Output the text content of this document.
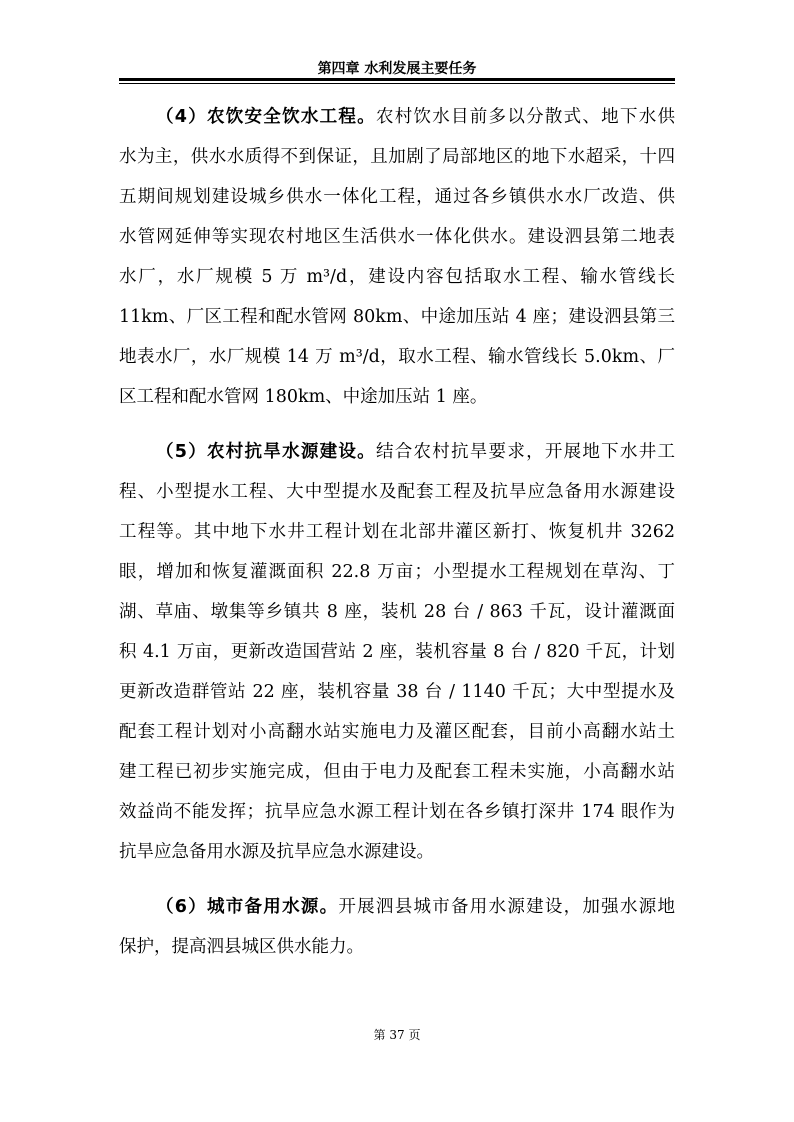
第四章 水利发展主要任务
（4）农饮安全饮水工程。农村饮水目前多以分散式、地下水供
水为主，供水水质得不到保证，且加剧了局部地区的地下水超采，十四
五期间规划建设城乡供水一体化工程，通过各乡镇供水水厂改造、供
水管网延伸等实现农村地区生活供水一体化供水。建设泗县第二地表
水厂，水厂规模 5 万 m³/d，建设内容包括取水工程、输水管线长
11km、厂区工程和配水管网 80km、中途加压站 4 座；建设泗县第三
地表水厂，水厂规模 14 万 m³/d，取水工程、输水管线长 5.0km、厂
区工程和配水管网 180km、中途加压站 1 座。
（5）农村抗旱水源建设。结合农村抗旱要求，开展地下水井工
程、小型提水工程、大中型提水及配套工程及抗旱应急备用水源建设
工程等。其中地下水井工程计划在北部井灌区新打、恢复机井 3262
眼，增加和恢复灌溉面积 22.8 万亩；小型提水工程规划在草沟、丁
湖、草庙、墩集等乡镇共 8 座，装机 28 台 / 863 千瓦，设计灌溉面
积 4.1 万亩，更新改造国营站 2 座，装机容量 8 台 / 820 千瓦，计划
更新改造群管站 22 座，装机容量 38 台 / 1140 千瓦；大中型提水及
配套工程计划对小高翻水站实施电力及灌区配套，目前小高翻水站土
建工程已初步实施完成，但由于电力及配套工程未实施，小高翻水站
效益尚不能发挥；抗旱应急水源工程计划在各乡镇打深井 174 眼作为
抗旱应急备用水源及抗旱应急水源建设。
（6）城市备用水源。开展泗县城市备用水源建设，加强水源地
保护，提高泗县城区供水能力。
第 37 页
